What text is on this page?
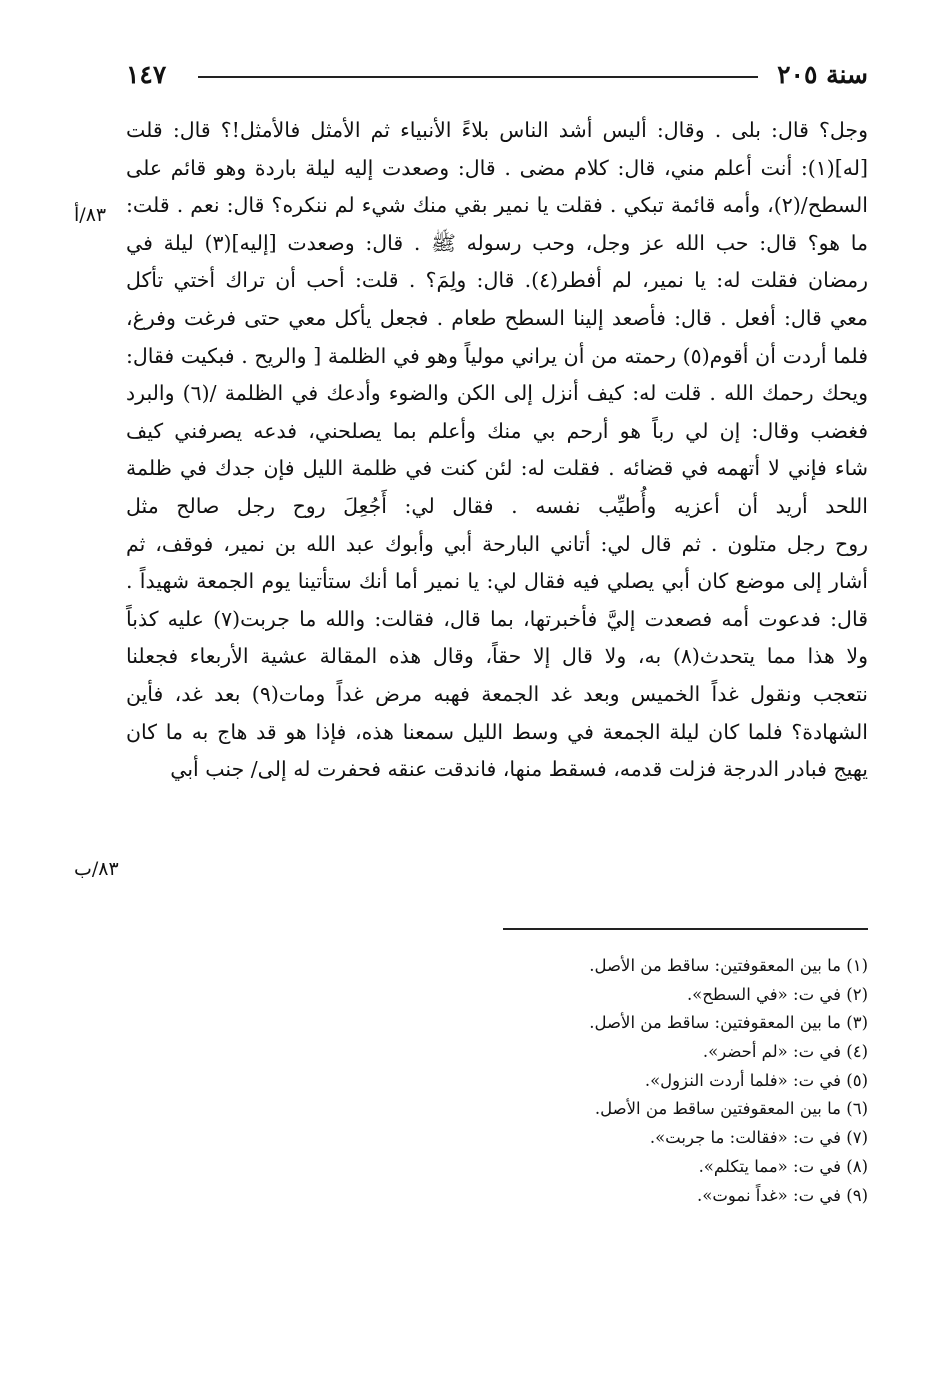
سنة ٢٠٥
١٤٧
وجل؟ قال: بلى . وقال: أليس أشد الناس بلاءً الأنبياء ثم الأمثل فالأمثل!؟ قال: قلت
[له](١): أنت أعلم مني، قال: كلام مضى . قال: وصعدت إليه ليلة باردة وهو قائم على
السطح/(٢)، وأمه قائمة تبكي . فقلت يا نمير بقي منك شيء لم ننكره؟ قال: نعم . قلت:
ما هو؟ قال: حب الله عز وجل، وحب رسوله ﷺ . قال: وصعدت [إليه](٣) ليلة في
رمضان فقلت له: يا نمير، لم أفطر(٤). قال: ولِمَ؟ . قلت: أحب أن تراك أختي تأكل
معي قال: أفعل . قال: فأصعد إلينا السطح طعام . فجعل يأكل معي حتى فرغت وفرغ،
فلما أردت أن أقوم(٥) رحمته من أن يراني مولياً وهو في الظلمة [ والريح . فبكيت فقال:
ويحك رحمك الله . قلت له: كيف أنزل إلى الكن والضوء وأدعك في الظلمة /(٦) والبرد
فغضب وقال: إن لي رباً هو أرحم بي منك وأعلم بما يصلحني، فدعه يصرفني كيف
شاء فإني لا أتهمه في قضائه . فقلت له: لئن كنت في ظلمة الليل فإن جدك في ظلمة
اللحد أريد أن أعزيه وأُطيِّب نفسه . فقال لي: أَجُعِلَ روح رجل صالح مثل
روح رجل متلون . ثم قال لي: أتاني البارحة أبي وأبوك عبد الله بن نمير، فوقف، ثم
أشار إلى موضع كان أبي يصلي فيه فقال لي: يا نمير أما أنك ستأتينا يوم الجمعة شهيداً .
قال: فدعوت أمه فصعدت إليَّ فأخبرتها، بما قال، فقالت: والله ما جربت(٧) عليه كذباً
ولا هذا مما يتحدث(٨) به، ولا قال إلا حقاً، وقال هذه المقالة عشية الأربعاء فجعلنا
نتعجب ونقول غداً الخميس وبعد غد الجمعة فهبه مرض غداً ومات(٩) بعد غد، فأين
الشهادة؟ فلما كان ليلة الجمعة في وسط الليل سمعنا هذه، فإذا هو قد هاج به ما كان
يهيج فبادر الدرجة فزلت قدمه، فسقط منها، فاندقت عنقه فحفرت له إلى/ جنب أبي
٨٣/أ
٨٣/ب
(١) ما بين المعقوفتين: ساقط من الأصل.
(٢) في ت: «في السطح».
(٣) ما بين المعقوفتين: ساقط من الأصل.
(٤) في ت: «لم أحضر».
(٥) في ت: «فلما أردت النزول».
(٦) ما بين المعقوفتين ساقط من الأصل.
(٧) في ت: «فقالت: ما جربت».
(٨) في ت: «مما يتكلم».
(٩) في ت: «غداً نموت».
